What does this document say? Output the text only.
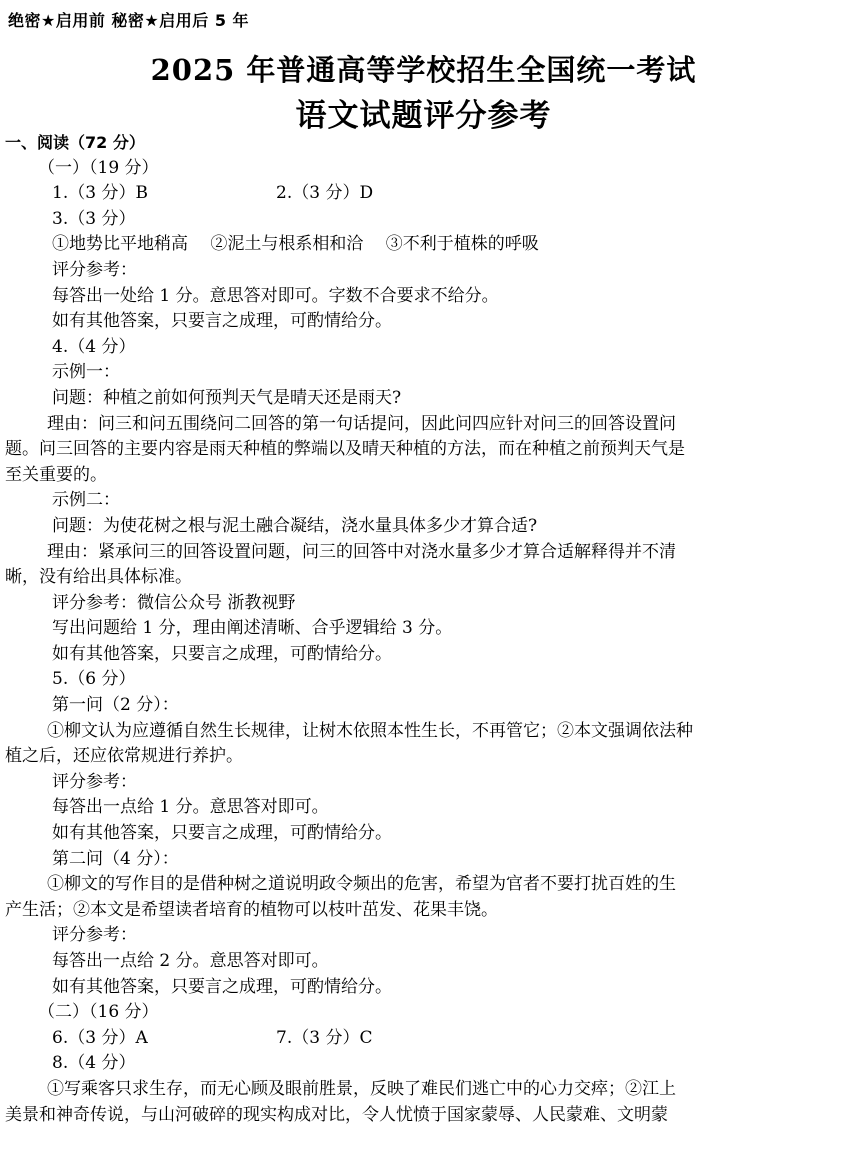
绝密★启用前 秘密★启用后 5 年
2025 年普通高等学校招生全国统一考试
语文试题评分参考
一、阅读（72 分）
（一）（19 分）
1.（3 分）B	2.（3 分）D
3.（3 分）
①地势比平地稍高　 ②泥土与根系相和洽　 ③不利于植株的呼吸
评分参考：
每答出一处给 1 分。意思答对即可。字数不合要求不给分。
如有其他答案，只要言之成理，可酌情给分。
4.（4 分）
示例一：
问题：种植之前如何预判天气是晴天还是雨天?
理由：问三和问五围绕问二回答的第一句话提问，因此问四应针对问三的回答设置问
题。问三回答的主要内容是雨天种植的弊端以及晴天种植的方法，而在种植之前预判天气是
至关重要的。
示例二：
问题：为使花树之根与泥土融合凝结，浇水量具体多少才算合适?
理由：紧承问三的回答设置问题，问三的回答中对浇水量多少才算合适解释得并不清
晰，没有给出具体标准。
评分参考：微信公众号 浙教视野
写出问题给 1 分，理由阐述清晰、合乎逻辑给 3 分。
如有其他答案，只要言之成理，可酌情给分。
5.（6 分）
第一问（2 分）：
①柳文认为应遵循自然生长规律，让树木依照本性生长，不再管它；②本文强调依法种
植之后，还应依常规进行养护。
评分参考：
每答出一点给 1 分。意思答对即可。
如有其他答案，只要言之成理，可酌情给分。
第二问（4 分）：
①柳文的写作目的是借种树之道说明政令频出的危害，希望为官者不要打扰百姓的生
产生活；②本文是希望读者培育的植物可以枝叶茁发、花果丰饶。
评分参考：
每答出一点给 2 分。意思答对即可。
如有其他答案，只要言之成理，可酌情给分。
（二）（16 分）
6.（3 分）A	7.（3 分）C
8.（4 分）
①写乘客只求生存，而无心顾及眼前胜景，反映了难民们逃亡中的心力交瘁；②江上
美景和神奇传说，与山河破碎的现实构成对比，令人忧愤于国家蒙辱、人民蒙难、文明蒙
